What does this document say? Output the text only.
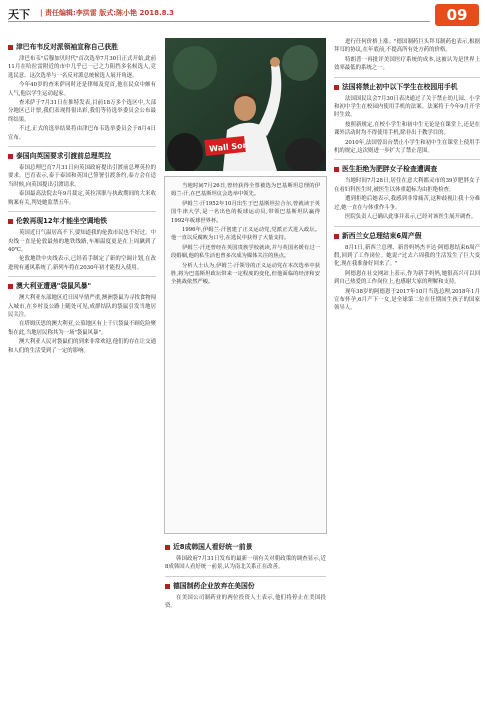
天下 | 责任编辑:李洪雷 版式:陈小艳 2018.8.3	09
津巴布韦反对派领袖宣称自己获胜

津巴布韦"后穆加贝时代"首次选举7月30日正式开始,此前11月在哈拉雷附近的市中几乎已一己之力阻挡多名候选人,竞选民意。这次选举与一名反对派总统候选人展开角逐。

今年40岁的查米萨同时还是律师及党首,他在民众中颇有人气,他以学生运动起家。

查米萨于7月31日在推特发表,目前18万多个选区中,大部分地区已计票,我们表现得很出彩,我们等待选举委员会公布最终结果。

不过,正式的选举结果将由津巴布韦选举委员会于8月4日宣布。

泰国向英国要求引渡前总理英拉

泰国总理巴育7月31日向英国政府提出引渡前总理英拉的要求。巴育表示,泰于泰国和英国已签署引渡条约,泰方会在适当时候,向英国提出引渡请求。

泰国最高法院去年9月裁定,英拉渎职与执政期间的大米收购案有关,判处她监禁五年。

伦敦再现12年才能坐空调地铁

英国近日气温居高不下,要知道我的伦敦市民也不好过。中央线一直是伦敦最热的地铁线路,车厢温度更是在上周飙到了40℃。

伦敦地铁中央线表示,已经着手制定了新的空调计划,在改进现有通风系统了,新列车将在2030年初才能投入使用。

澳大利亚遭遇"袋鼠风暴"

澳大利亚东部地区近日因旱情严重,澳洲袋鼠为寻找食物闯入城市,在乡村及公路上随处可见,成群结队的袋鼠引发当地居民关注。

在塔姆沃思的澳大利亚,公墓地区有上千只袋鼠不顾危险聚集在此,当地居民称其为一场"袋鼠风暴"。

澳大利亚人民对袋鼠们的到来非常欢迎,他们的存在让交通和人们的生活受到了一定的影响。

Wall Son

当地时间7月26日,曾经获得全票被选为巴基斯坦总理的伊姆兰·汗,在巴基斯坦议会选举中领先。

伊姆兰·汗1952年10月出生于巴基斯坦拉合尔,曾就读于英国牛津大学,是一名出色的板球运动员,带领巴基斯坦队赢得1992年板球世界杯。

1996年,伊姆兰·汗创建了正义运动党,党派正式进入政坛。他一直以反腐败为口号,在选民中获得了大量支持。

伊姆兰·汗还曾经在英国贵族学校就读,并与英国名媛有过一段婚姻,他的私生活也曾多次成为媒体关注的焦点。

分析人士认为,伊姆兰·汗领导的正义运动党在本次选举中获胜,将为巴基斯坦政坛带来一定程度的变化,但他面临的经济和安全挑战依然严峻。

近8成韩国人看好统一前景

韩国政府7月31日发布的最新一项有关对朝政策的调查显示,近8成韩国人看好统一前景,认为南北关系正在改善。

德国制药企业放弃在美国份

在美国公司制药业的两位投资人士表示,他们将停止在美国投资。

进行任何价格上涨。"德国制药巨头拜耳制药也表示,根据拜耳的协议,在年底前,不提高所有处方药的价格。

特朗普一再批评美国医疗系统的成本,这被认为是世界上效率最低的系统之一。

法国将禁止初中以下学生在校园用手机

法国国民议会7月30日表决通过了关于禁止幼儿园、小学和初中学生在校园内使用手机的法案。法案将于今年9月开学时生效。

按照新规定,在校小学生和初中生无论是在课堂上,还是在课外活动时均不得使用手机,除非出于教学目的。

2010年,法国曾出台禁止小学生和初中生在课堂上使用手机的规定,这次则进一步扩大了禁止范围。

医生拒绝为肥胖女子检查遭调查

当地时间7月28日,居住在意大利都灵市的39岁肥胖女子在看妇科医生时,被医生以体重超标为由拒绝检查。

遭到拒绝后她表示,我感到非常痛苦,这种歧视让我十分难过,她一直在与体重作斗争。

医院负责人已确认此事并表示,已经对该医生展开调查。

新西兰女总理结束6周产假

8月1日,新西兰总理、新晋妈妈杰辛达·阿德恩结束6周产假,回到了工作岗位。她说:"过去六周我的生活发生了巨大变化,现在我准备好回来了。"

阿德恩在社交网站上表示,作为新手妈妈,她很高兴可以回到自己热爱的工作岗位上,也感谢大家的理解和支持。

现年38岁的阿德恩于2017年10月当选总理,2018年1月宣布怀孕,6月产下一女,是全球第二位在任期间生孩子的国家领导人。
